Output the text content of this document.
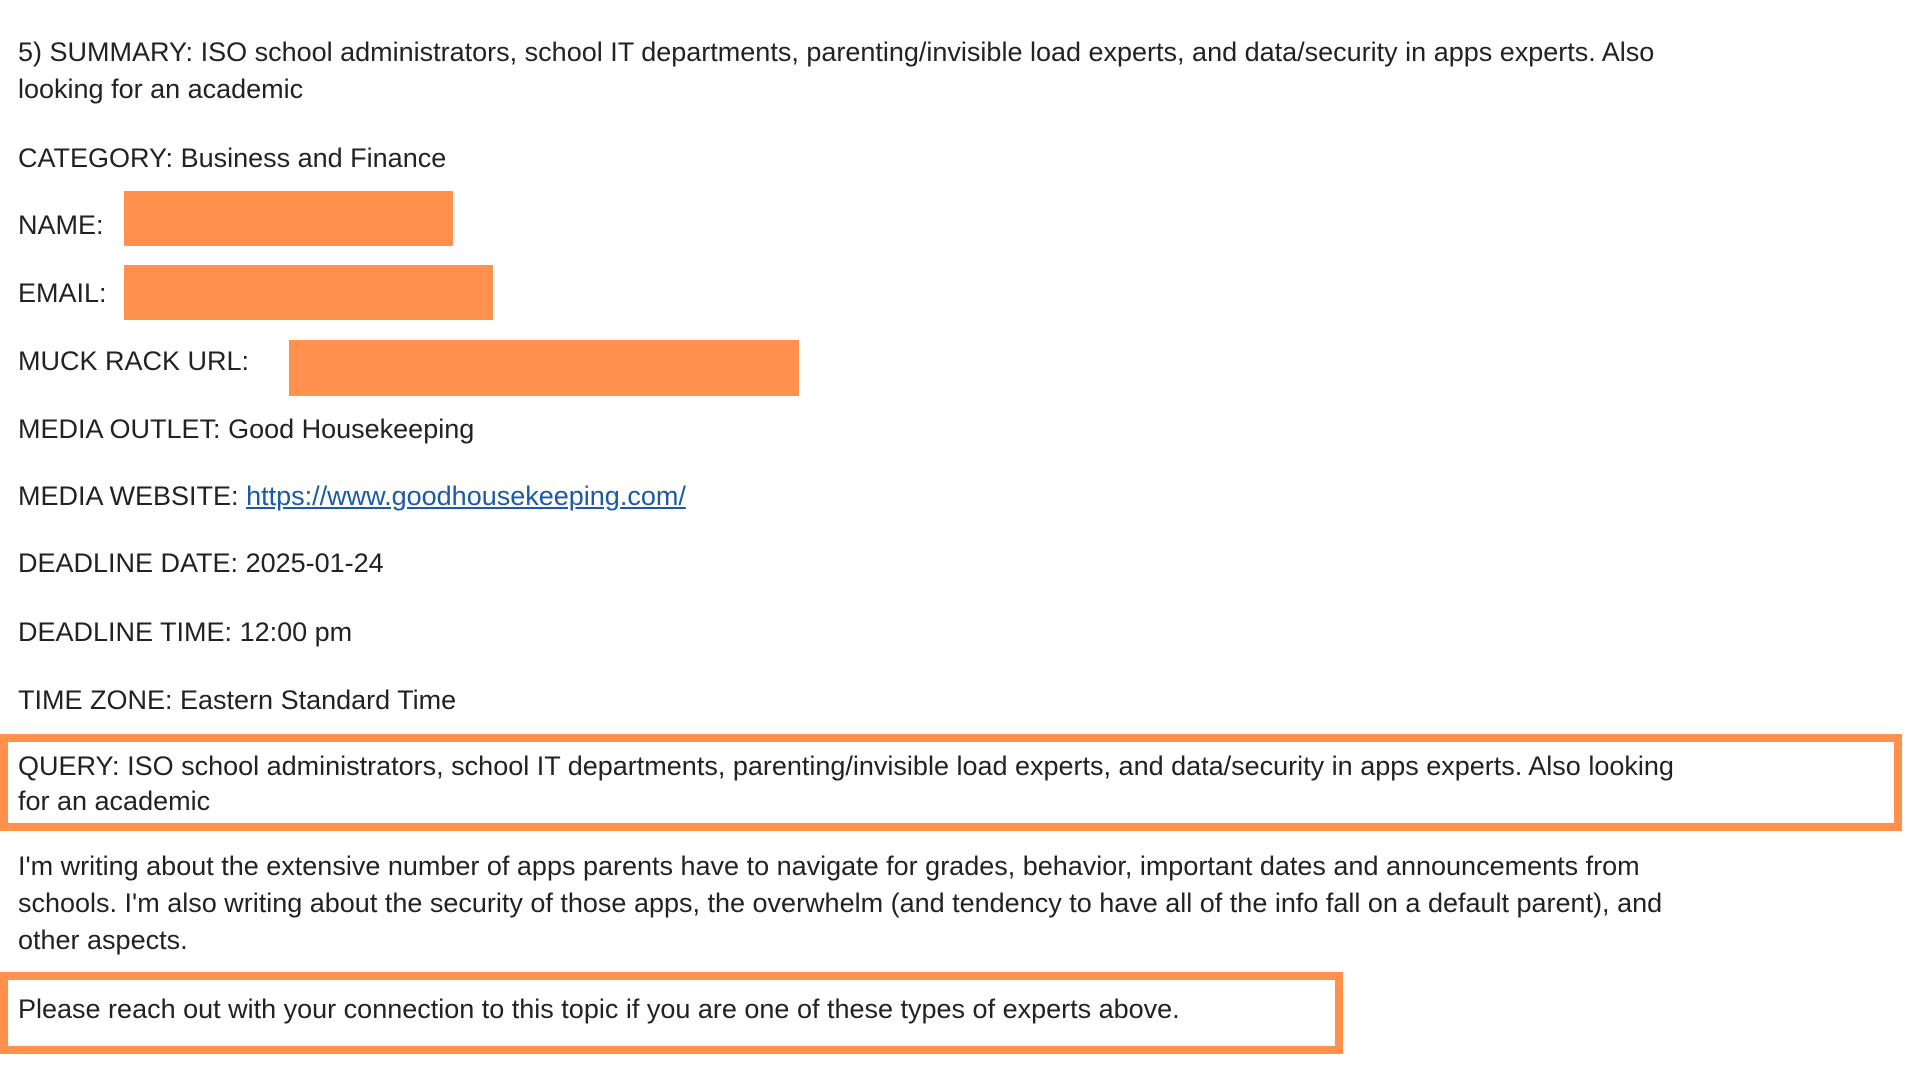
5) SUMMARY: ISO school administrators, school IT departments, parenting/invisible load experts, and data/security in apps experts. Also
looking for an academic
CATEGORY: Business and Finance
NAME:
EMAIL:
MUCK RACK URL:
MEDIA OUTLET: Good Housekeeping
MEDIA WEBSITE: https://www.goodhousekeeping.com/
DEADLINE DATE: 2025-01-24
DEADLINE TIME: 12:00 pm
TIME ZONE: Eastern Standard Time
QUERY: ISO school administrators, school IT departments, parenting/invisible load experts, and data/security in apps experts. Also looking
for an academic
I'm writing about the extensive number of apps parents have to navigate for grades, behavior, important dates and announcements from
schools. I'm also writing about the security of those apps, the overwhelm (and tendency to have all of the info fall on a default parent), and
other aspects.
Please reach out with your connection to this topic if you are one of these types of experts above.
